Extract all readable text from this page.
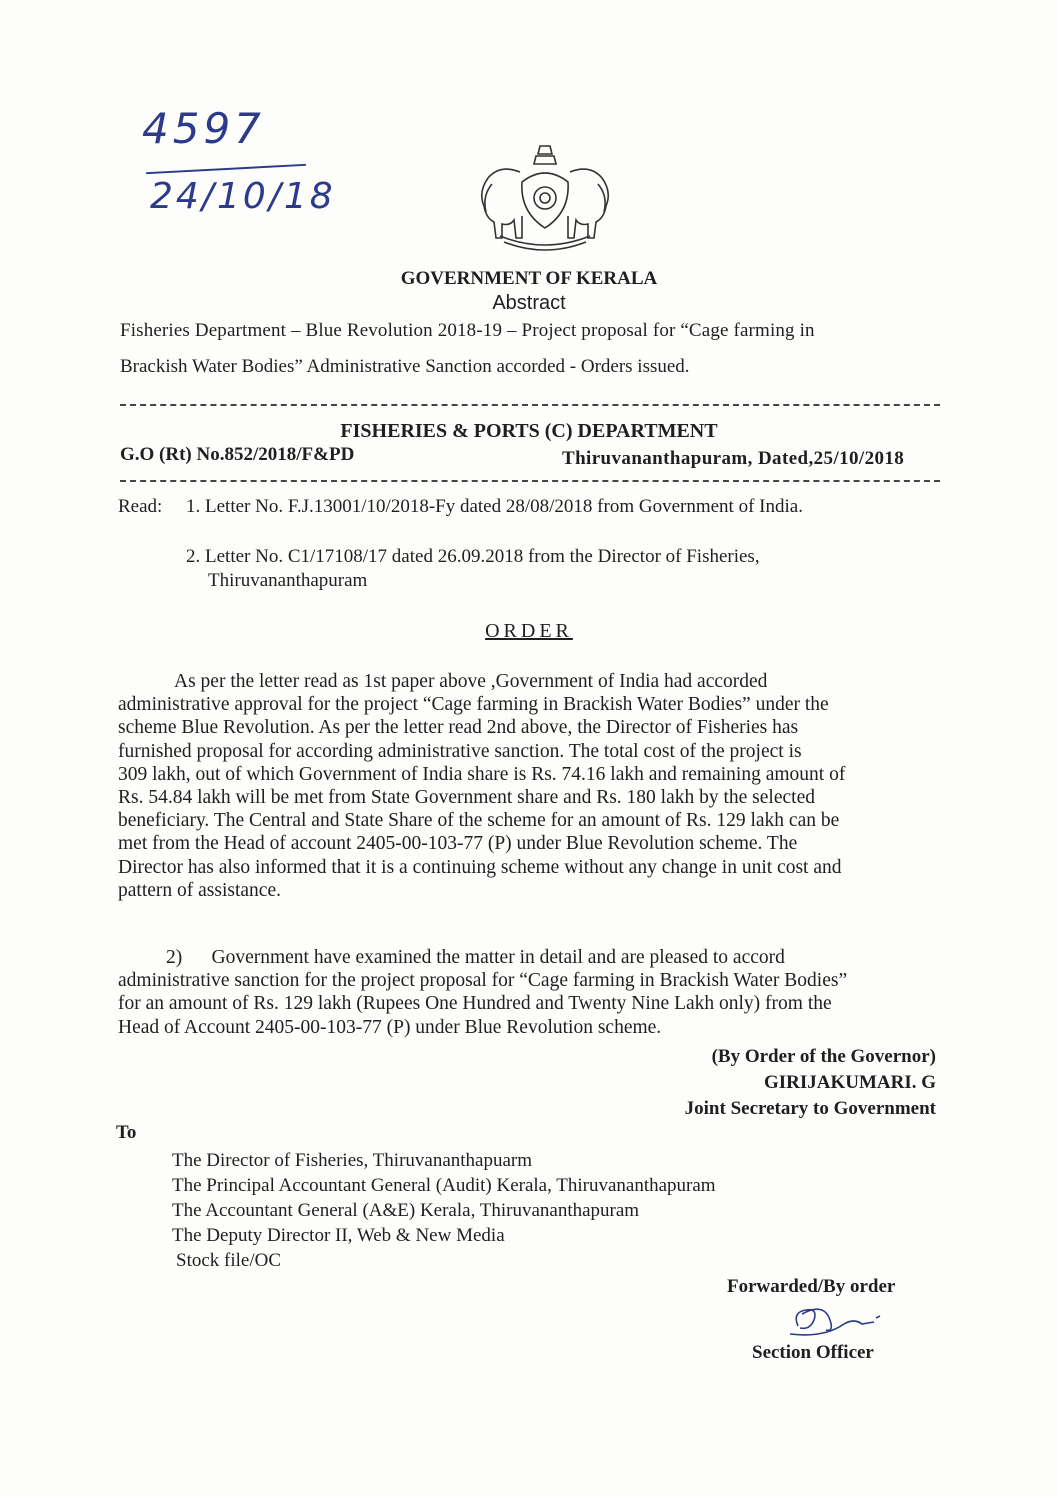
4597
24/10/18
GOVERNMENT OF KERALA
Abstract
Fisheries Department – Blue Revolution 2018-19 – Project proposal for “Cage farming in
Brackish Water Bodies” Administrative Sanction accorded - Orders issued.
FISHERIES & PORTS (C) DEPARTMENT
G.O (Rt) No.852/2018/F&PD	Thiruvananthapuram, Dated,25/10/2018
Read: 1. Letter No. F.J.13001/10/2018-Fy dated 28/08/2018 from Government of India.
2. Letter No. C1/17108/17 dated 26.09.2018 from the Director of Fisheries,
Thiruvananthapuram
ORDER
As per the letter read as 1st paper above ,Government of India had accorded
administrative approval for the project “Cage farming in Brackish Water Bodies” under the
scheme Blue Revolution. As per the letter read 2nd above, the Director of Fisheries has
furnished proposal for according administrative sanction. The total cost of the project is
309 lakh, out of which Government of India share is Rs. 74.16 lakh and remaining amount of
Rs. 54.84 lakh will be met from State Government share and Rs. 180 lakh by the selected
beneficiary. The Central and State Share of the scheme for an amount of Rs. 129 lakh can be
met from the Head of account 2405-00-103-77 (P) under Blue Revolution scheme. The
Director has also informed that it is a continuing scheme without any change in unit cost and
pattern of assistance.
2)      Government have examined the matter in detail and are pleased to accord
administrative sanction for the project proposal for “Cage farming in Brackish Water Bodies”
for an amount of Rs. 129 lakh (Rupees One Hundred and Twenty Nine Lakh only) from the
Head of Account 2405-00-103-77 (P) under Blue Revolution scheme.
(By Order of the Governor)
GIRIJAKUMARI. G
Joint Secretary to Government
To
The Director of Fisheries, Thiruvananthapuarm
The Principal Accountant General (Audit) Kerala, Thiruvananthapuram
The Accountant General (A&E) Kerala, Thiruvananthapuram
The Deputy Director II, Web & New Media
Stock file/OC
Forwarded/By order
Section Officer
